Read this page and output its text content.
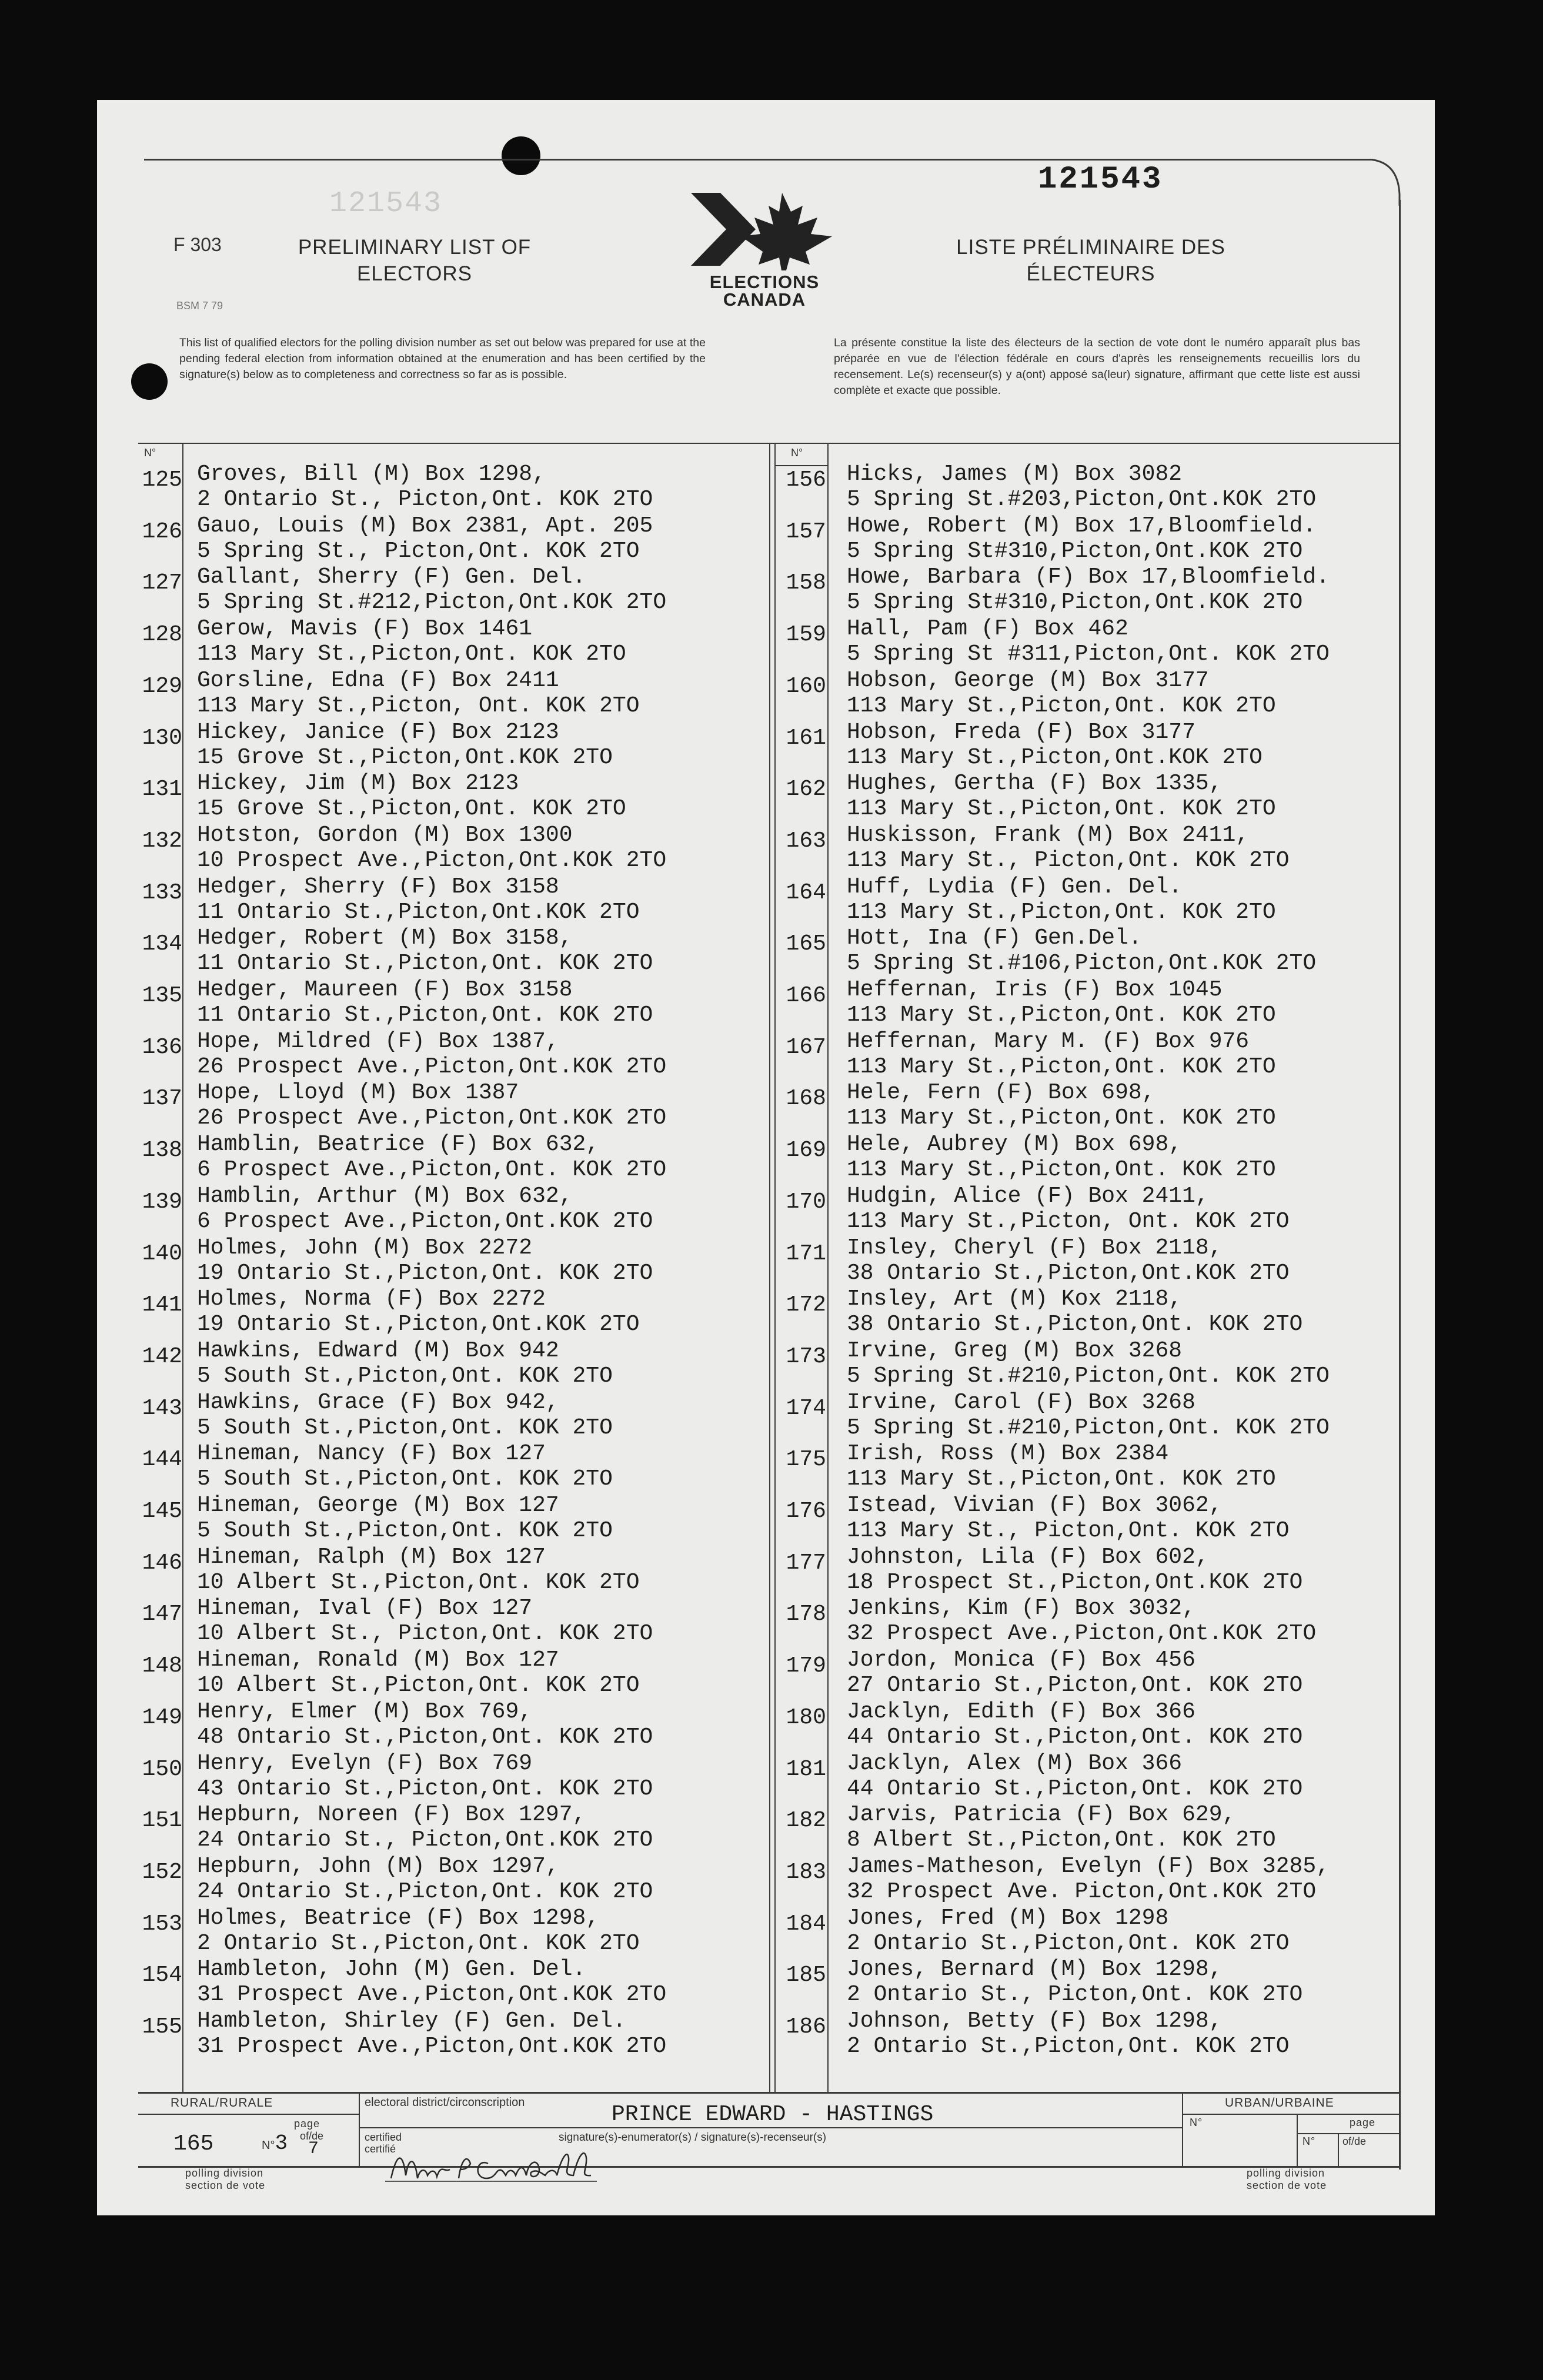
121543
121543
F 303
BSM 7 79
PRELIMINARY LIST OF
ELECTORS	ELECTIONS
CANADA
LISTE PRÉLIMINAIRE DES
ÉLECTEURS
This list of qualified electors for the polling division number as set out below was prepared for use at the pending federal election from information obtained at the enumeration and has been certified by the signature(s) below as to completeness and correctness so far as is possible.
La présente constitue la liste des électeurs de la section de vote dont le numéro apparaît plus bas préparée en vue de l'élection fédérale en cours d'après les renseignements recueillis lors du recensement. Le(s) recenseur(s) y a(ont) apposé sa(leur) signature, affirmant que cette liste est aussi complète et exacte que possible.
N°	N°
125 Groves, Bill (M) Box 1298,
2 Ontario St., Picton,Ont. KOK 2TO
126 Gauo, Louis (M) Box 2381, Apt. 205
5 Spring St., Picton,Ont. KOK 2TO
127 Gallant, Sherry (F) Gen. Del.
5 Spring St.#212,Picton,Ont.KOK 2TO
128 Gerow, Mavis (F) Box 1461
113 Mary St.,Picton,Ont. KOK 2TO
129 Gorsline, Edna (F) Box 2411
113 Mary St.,Picton, Ont. KOK 2TO
130 Hickey, Janice (F) Box 2123
15 Grove St.,Picton,Ont.KOK 2TO
131 Hickey, Jim (M) Box 2123
15 Grove St.,Picton,Ont. KOK 2TO
132 Hotston, Gordon (M) Box 1300
10 Prospect Ave.,Picton,Ont.KOK 2TO
133 Hedger, Sherry (F) Box 3158
11 Ontario St.,Picton,Ont.KOK 2TO
134 Hedger, Robert (M) Box 3158,
11 Ontario St.,Picton,Ont. KOK 2TO
135 Hedger, Maureen (F) Box 3158
11 Ontario St.,Picton,Ont. KOK 2TO
136 Hope, Mildred (F) Box 1387,
26 Prospect Ave.,Picton,Ont.KOK 2TO
137 Hope, Lloyd (M) Box 1387
26 Prospect Ave.,Picton,Ont.KOK 2TO
138 Hamblin, Beatrice (F) Box 632,
6 Prospect Ave.,Picton,Ont. KOK 2TO
139 Hamblin, Arthur (M) Box 632,
6 Prospect Ave.,Picton,Ont.KOK 2TO
140 Holmes, John (M) Box 2272
19 Ontario St.,Picton,Ont. KOK 2TO
141 Holmes, Norma (F) Box 2272
19 Ontario St.,Picton,Ont.KOK 2TO
142 Hawkins, Edward (M) Box 942
5 South St.,Picton,Ont. KOK 2TO
143 Hawkins, Grace (F) Box 942,
5 South St.,Picton,Ont. KOK 2TO
144 Hineman, Nancy (F) Box 127
5 South St.,Picton,Ont. KOK 2TO
145 Hineman, George (M) Box 127
5 South St.,Picton,Ont. KOK 2TO
146 Hineman, Ralph (M) Box 127
10 Albert St.,Picton,Ont. KOK 2TO
147 Hineman, Ival (F) Box 127
10 Albert St., Picton,Ont. KOK 2TO
148 Hineman, Ronald (M) Box 127
10 Albert St.,Picton,Ont. KOK 2TO
149 Henry, Elmer (M) Box 769,
48 Ontario St.,Picton,Ont. KOK 2TO
150 Henry, Evelyn (F) Box 769
43 Ontario St.,Picton,Ont. KOK 2TO
151 Hepburn, Noreen (F) Box 1297,
24 Ontario St., Picton,Ont.KOK 2TO
152 Hepburn, John (M) Box 1297,
24 Ontario St.,Picton,Ont. KOK 2TO
153 Holmes, Beatrice (F) Box 1298,
2 Ontario St.,Picton,Ont. KOK 2TO
154 Hambleton, John (M) Gen. Del.
31 Prospect Ave.,Picton,Ont.KOK 2TO
155 Hambleton, Shirley (F) Gen. Del.
31 Prospect Ave.,Picton,Ont.KOK 2TO
156 Hicks, James (M) Box 3082
5 Spring St.#203,Picton,Ont.KOK 2TO
157 Howe, Robert (M) Box 17,Bloomfield.
5 Spring St#310,Picton,Ont.KOK 2TO
158 Howe, Barbara (F) Box 17,Bloomfield.
5 Spring St#310,Picton,Ont.KOK 2TO
159 Hall, Pam (F) Box 462
5 Spring St #311,Picton,Ont. KOK 2TO
160 Hobson, George (M) Box 3177
113 Mary St.,Picton,Ont. KOK 2TO
161 Hobson, Freda (F) Box 3177
113 Mary St.,Picton,Ont.KOK 2TO
162 Hughes, Gertha (F) Box 1335,
113 Mary St.,Picton,Ont. KOK 2TO
163 Huskisson, Frank (M) Box 2411,
113 Mary St., Picton,Ont. KOK 2TO
164 Huff, Lydia (F) Gen. Del.
113 Mary St.,Picton,Ont. KOK 2TO
165 Hott, Ina (F) Gen.Del.
5 Spring St.#106,Picton,Ont.KOK 2TO
166 Heffernan, Iris (F) Box 1045
113 Mary St.,Picton,Ont. KOK 2TO
167 Heffernan, Mary M. (F) Box 976
113 Mary St.,Picton,Ont. KOK 2TO
168 Hele, Fern (F) Box 698,
113 Mary St.,Picton,Ont. KOK 2TO
169 Hele, Aubrey (M) Box 698,
113 Mary St.,Picton,Ont. KOK 2TO
170 Hudgin, Alice (F) Box 2411,
113 Mary St.,Picton, Ont. KOK 2TO
171 Insley, Cheryl (F) Box 2118,
38 Ontario St.,Picton,Ont.KOK 2TO
172 Insley, Art (M) Kox 2118,
38 Ontario St.,Picton,Ont. KOK 2TO
173 Irvine, Greg (M) Box 3268
5 Spring St.#210,Picton,Ont. KOK 2TO
174 Irvine, Carol (F) Box 3268
5 Spring St.#210,Picton,Ont. KOK 2TO
175 Irish, Ross (M) Box 2384
113 Mary St.,Picton,Ont. KOK 2TO
176 Istead, Vivian (F) Box 3062,
113 Mary St., Picton,Ont. KOK 2TO
177 Johnston, Lila (F) Box 602,
18 Prospect St.,Picton,Ont.KOK 2TO
178 Jenkins, Kim (F) Box 3032,
32 Prospect Ave.,Picton,Ont.KOK 2TO
179 Jordon, Monica (F) Box 456
27 Ontario St.,Picton,Ont. KOK 2TO
180 Jacklyn, Edith (F) Box 366
44 Ontario St.,Picton,Ont. KOK 2TO
181 Jacklyn, Alex (M) Box 366
44 Ontario St.,Picton,Ont. KOK 2TO
182 Jarvis, Patricia (F) Box 629,
8 Albert St.,Picton,Ont. KOK 2TO
183 James-Matheson, Evelyn (F) Box 3285,
32 Prospect Ave. Picton,Ont.KOK 2TO
184 Jones, Fred (M) Box 1298
2 Ontario St.,Picton,Ont. KOK 2TO
185 Jones, Bernard (M) Box 1298,
2 Ontario St., Picton,Ont. KOK 2TO
186 Johnson, Betty (F) Box 1298,
2 Ontario St.,Picton,Ont. KOK 2TO
RURAL/RURALE
page
165	N°3 of/de
7
polling division
section de vote
electoral district/circonscription	PRINCE EDWARD - HASTINGS
certified
certifié
signature(s)-enumerator(s) / signature(s)-recenseur(s)
URBAN/URBAINE
N°	page
N°	of/de
polling division
section de vote
